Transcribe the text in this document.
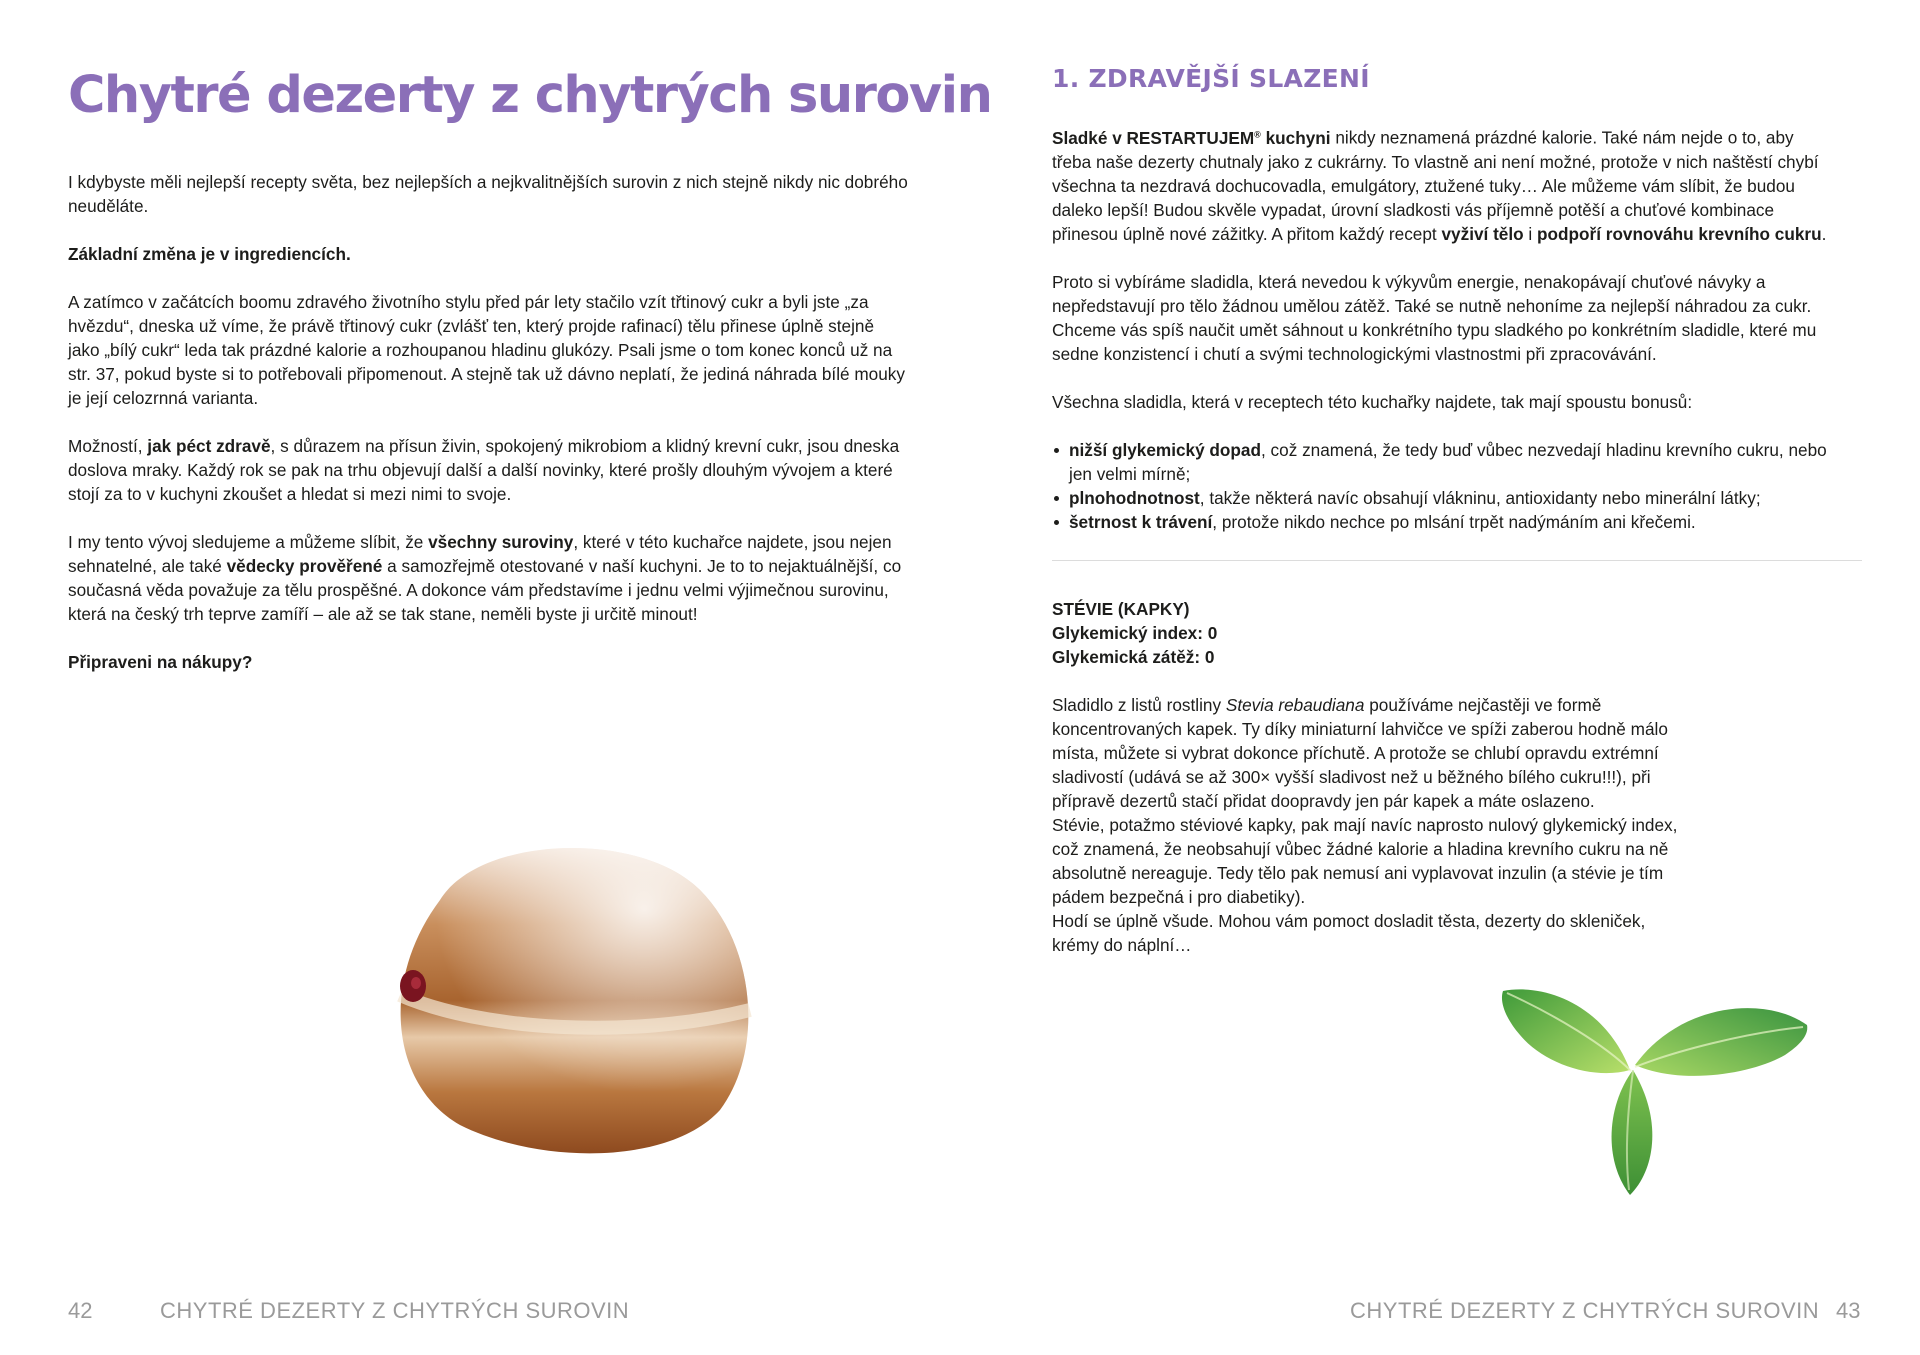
Chytré dezerty z chytrých surovin

I kdybyste měli nejlepší recepty světa, bez nejlepších a nejkvalitnějších surovin z nich stejně nikdy nic dobrého neuděláte.

Základní změna je v ingrediencích.

A zatímco v začátcích boomu zdravého životního stylu před pár lety stačilo vzít třtinový cukr a byli jste „za hvězdu“, dneska už víme, že právě třtinový cukr (zvlášť ten, který projde rafinací) tělu přinese úplně stejně jako „bílý cukr“ leda tak prázdné kalorie a rozhoupanou hladinu glukózy. Psali jsme o tom konec konců už na str. 37, pokud byste si to potřebovali připomenout. A stejně tak už dávno neplatí, že jediná náhrada bílé mouky je její celozrnná varianta.

Možností, jak péct zdravě, s důrazem na přísun živin, spokojený mikrobiom a klidný krevní cukr, jsou dneska doslova mraky. Každý rok se pak na trhu objevují další a další novinky, které prošly dlouhým vývojem a které stojí za to v kuchyni zkoušet a hledat si mezi nimi to svoje.

I my tento vývoj sledujeme a můžeme slíbit, že všechny suroviny, které v této kuchařce najdete, jsou nejen sehnatelné, ale také vědecky prověřené a samozřejmě otestované v naší kuchyni. Je to to nejaktuálnější, co současná věda považuje za tělu prospěšné. A dokonce vám představíme i jednu velmi výjimečnou surovinu, která na český trh teprve zamíří – ale až se tak stane, neměli byste ji určitě minout!

Připraveni na nákupy?

42	CHYTRÉ DEZERTY Z CHYTRÝCH SUROVIN
1. ZDRAVĚJŠÍ SLAZENÍ

Sladké v RESTARTUJEM® kuchyni nikdy neznamená prázdné kalorie. Také nám nejde o to, aby třeba naše dezerty chutnaly jako z cukrárny. To vlastně ani není možné, protože v nich naštěstí chybí všechna ta nezdravá dochucovadla, emulgátory, ztužené tuky… Ale můžeme vám slíbit, že budou daleko lepší! Budou skvěle vypadat, úrovní sladkosti vás příjemně potěší a chuťové kombinace přinesou úplně nové zážitky. A přitom každý recept vyživí tělo i podpoří rovnováhu krevního cukru.

Proto si vybíráme sladidla, která nevedou k výkyvům energie, nenakopávají chuťové návyky a nepředstavují pro tělo žádnou umělou zátěž. Také se nutně nehoníme za nejlepší náhradou za cukr. Chceme vás spíš naučit umět sáhnout u konkrétního typu sladkého po konkrétním sladidle, které mu sedne konzistencí i chutí a svými technologickými vlastnostmi při zpracovávání.

Všechna sladidla, která v receptech této kuchařky najdete, tak mají spoustu bonusů:

nižší glykemický dopad, což znamená, že tedy buď vůbec nezvedají hladinu krevního cukru, nebo jen velmi mírně;
plnohodnotnost, takže některá navíc obsahují vlákninu, antioxidanty nebo minerální látky;
šetrnost k trávení, protože nikdo nechce po mlsání trpět nadýmáním ani křečemi.
STÉVIE (KAPKY)
Glykemický index: 0
Glykemická zátěž: 0

Sladidlo z listů rostliny Stevia rebaudiana používáme nejčastěji ve formě koncentrovaných kapek. Ty díky miniaturní lahvičce ve spíži zaberou hodně málo místa, můžete si vybrat dokonce příchutě. A protože se chlubí opravdu extrémní sladivostí (udává se až 300× vyšší sladivost než u běžného bílého cukru!!!), při přípravě dezertů stačí přidat doopravdy jen pár kapek a máte oslazeno.

Stévie, potažmo stéviové kapky, pak mají navíc naprosto nulový glykemický index, což znamená, že neobsahují vůbec žádné kalorie a hladina krevního cukru na ně absolutně nereaguje. Tedy tělo pak nemusí ani vyplavovat inzulin (a stévie je tím pádem bezpečná i pro diabetiky).

Hodí se úplně všude. Mohou vám pomoct dosladit těsta, dezerty do skleniček, krémy do náplní…

CHYTRÉ DEZERTY Z CHYTRÝCH SUROVIN 43
